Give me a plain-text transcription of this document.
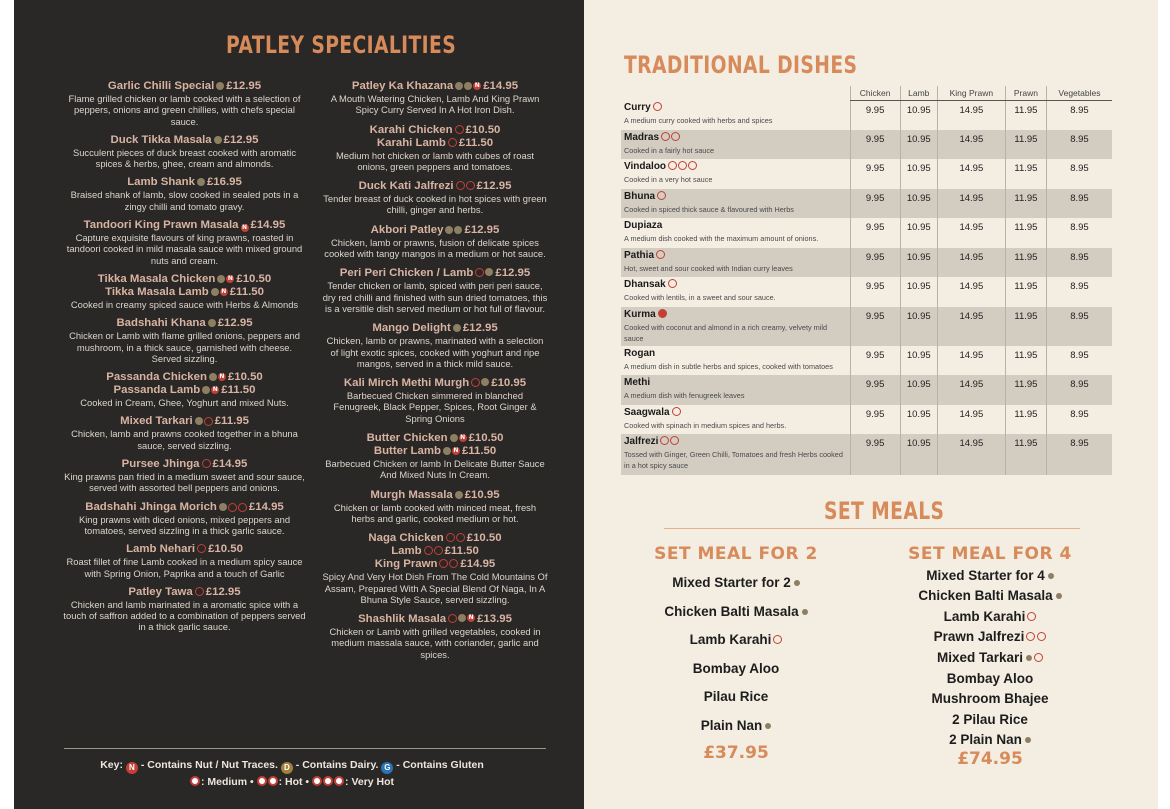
PATLEY SPECIALITIES
Garlic Chilli Special £12.95
Flame grilled chicken or lamb cooked with a selection of peppers, onions and green chillies, with chefs special sauce.
Duck Tikka Masala £12.95
Succulent pieces of duck breast cooked with aromatic spices & herbs, ghee, cream and almonds.
Lamb Shank £16.95
Braised shank of lamb, slow cooked in sealed pots in a zingy chilli and tomato gravy.
Tandoori King Prawn Masala N £14.95
Capture exquisite flavours of king prawns, roasted in tandoori cooked in mild masala sauce with mixed ground nuts and cream.
Tikka Masala Chicken N £10.50
Tikka Masala Lamb N £11.50
Cooked in creamy spiced sauce with Herbs & Almonds
Badshahi Khana £12.95
Chicken or Lamb with flame grilled onions, peppers and mushroom, in a thick sauce, garnished with cheese. Served sizzling.
Passanda Chicken N £10.50
Passanda Lamb N £11.50
Cooked in Cream, Ghee, Yoghurt and mixed Nuts.
Mixed Tarkari £11.95
Chicken, lamb and prawns cooked together in a bhuna sauce, served sizzling.
Pursee Jhinga £14.95
King prawns pan fried in a medium sweet and sour sauce, served with assorted bell peppers and onions.
Badshahi Jhinga Morich	£14.95
King prawns with diced onions, mixed peppers and tomatoes, served sizzling in a thick garlic sauce.
Lamb Nehari £10.50
Roast fillet of fine Lamb cooked in a medium spicy sauce with Spring Onion, Paprika and a touch of Garlic
Patley Tawa £12.95
Chicken and lamb marinated in a aromatic spice with a touch of saffron added to a combination of peppers served in a thick garlic sauce.
Patley Ka Khazana	N £14.95
A Mouth Watering Chicken, Lamb And King Prawn Spicy Curry Served In A Hot Iron Dish.
Karahi Chicken £10.50
Karahi Lamb £11.50
Medium hot chicken or lamb with cubes of roast onions, green peppers and tomatoes.
Duck Kati Jalfrezi £12.95
Tender breast of duck cooked in hot spices with green chilli, ginger and herbs.
Akbori Patley £12.95
Chicken, lamb or prawns, fusion of delicate spices cooked with tangy mangos in a medium or hot sauce.
Peri Peri Chicken / Lamb £12.95
Tender chicken or lamb, spiced with peri peri sauce, dry red chilli and finished with sun dried tomatoes, this is a versitile dish served medium or hot full of flavour.
Mango Delight £12.95
Chicken, lamb or prawns, marinated with a selection of light exotic spices, cooked with yoghurt and ripe mangos, served in a thick mild sauce.
Kali Mirch Methi Murgh £10.95
Barbecued Chicken simmered in blanched Fenugreek, Black Pepper, Spices, Root Ginger & Spring Onions
Butter Chicken N £10.50
Butter Lamb N £11.50
Barbecued Chicken or lamb In Delicate Butter Sauce And Mixed Nuts In Cream.
Murgh Massala £10.95
Chicken or lamb cooked with minced meat, fresh herbs and garlic, cooked medium or hot.
Naga Chicken £10.50
Lamb £11.50
King Prawn £14.95
Spicy And Very Hot Dish From The Cold Mountains Of Assam, Prepared With A Special Blend Of Naga, In A Bhuna Style Sauce, served sizzling.
Shashlik Masala	N £13.95
Chicken or Lamb with grilled vegetables, cooked in medium massala sauce, with coriander, garlic and spices.
Key: N - Contains Nut / Nut Traces. D - Contains Dairy. G - Contains Gluten
: Medium • : Hot •	: Very Hot
TRADITIONAL DISHES
	Chicken	Lamb	King Prawn	Prawn	Vegetables

Curry
A medium curry cooked with herbs and spices	9.95	10.95	14.95	11.95	8.95

Madras
Cooked in a fairly hot sauce	9.95	10.95	14.95	11.95	8.95

Vindaloo
Cooked in a very hot sauce	9.95	10.95	14.95	11.95	8.95

Bhuna
Cooked in spiced thick sauce & flavoured with Herbs	9.95	10.95	14.95	11.95	8.95

Dupiaza
A medium dish cooked with the maximum amount of onions.	9.95	10.95	14.95	11.95	8.95

Pathia
Hot, sweet and sour cooked with Indian curry leaves	9.95	10.95	14.95	11.95	8.95

Dhansak
Cooked with lentils, in a sweet and sour sauce.	9.95	10.95	14.95	11.95	8.95

Kurma
Cooked with coconut and almond in a rich creamy, velvety mild sauce	9.95	10.95	14.95	11.95	8.95

Rogan
A medium dish in subtle herbs and spices, cooked with tomatoes	9.95	10.95	14.95	11.95	8.95

Methi
A medium dish with fenugreek leaves	9.95	10.95	14.95	11.95	8.95

Saagwala
Cooked with spinach in medium spices and herbs.	9.95	10.95	14.95	11.95	8.95

Jalfrezi
Tossed with Ginger, Green Chilli, Tomatoes and fresh Herbs cooked in a hot spicy sauce	9.95	10.95	14.95	11.95	8.95
SET MEALS
SET MEAL FOR 2
Mixed Starter for 2
Chicken Balti Masala
Lamb Karahi
Bombay Aloo
Pilau Rice
Plain Nan
£37.95
SET MEAL FOR 4
Mixed Starter for 4
Chicken Balti Masala
Lamb Karahi
Prawn Jalfrezi
Mixed Tarkari
Bombay Aloo
Mushroom Bhajee
2 Pilau Rice
2 Plain Nan
£74.95
